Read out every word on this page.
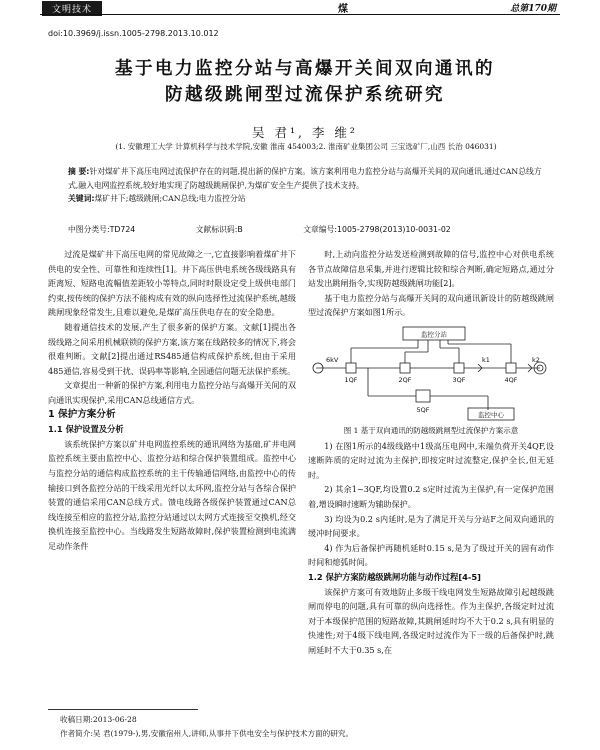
文明技术	煤	总第170期
doi:10.3969/j.issn.1005-2798.2013.10.012
基于电力监控分站与高爆开关间双向通讯的
防越级跳闸型过流保护系统研究
吴 君¹, 李 维²
(1. 安徽理工大学 计算机科学与技术学院,安徽 淮南 454003;2. 淮南矿业集团公司 三宝选矿厂,山西 长治 046031)
摘 要:针对煤矿井下高压电网过流保护存在的问题,提出新的保护方案。该方案利用电力监控分站与高爆开关间的双向通讯,通过CAN总线方式,融入电网监控系统,较好地实现了防越级跳闸保护,为煤矿安全生产提供了技术支持。
关键词:煤矿井下;越级跳闸;CAN总线;电力监控分站
中图分类号:TD724	文献标识码:B	文章编号:1005-2798(2013)10-0031-02

过流是煤矿井下高压电网的常见故障之一,它直接影响着煤矿井下供电的安全性、可靠性和连续性[1]。井下高压供电系统各级线路具有距离短、短路电流幅值差距较小等特点,同时时限设定受上级供电部门约束,按传统的保护方法不能构成有效的纵向选择性过流保护系统,越级跳闸现象经常发生,且难以避免,是煤矿高压供电存在的安全隐患。

随着通信技术的发展,产生了很多新的保护方案。文献[1]提出各级线路之间采用机械联锁的保护方案,该方案在线路较多的情况下,将会很难判断。文献[2]提出通过RS485通信构成保护系统,但由于采用485通信,容易受到干扰、误码率等影响,全因通信问题无法保护系统。

文章提出一种新的保护方案,利用电力监控分站与高爆开关间的双向通讯实现保护,采用CAN总线通信方式。

1 保护方案分析

1.1 保护设置及分析

该系统保护方案以矿井电网监控系统的通讯网络为基础,矿井电网监控系统主要由监控中心、监控分站和综合保护装置组成。监控中心与监控分站的通信构成监控系统的主干传输通信网络,由监控中心的传输接口到各监控分站的干线采用光纤以太环网,监控分站与各综合保护装置的通信采用CAN总线方式。馈电线路各级保护装置通过CAN总线连接至相应的监控分站,监控分站通过以太网方式连接至交换机,经交换机连接至监控中心。当线路发生短路故障时,保护装置检测到电流满足动作条件

时,上动向监控分站发送检测到故障的信号,监控中心对供电系统各节点故障信息采集,并进行逻辑比较和综合判断,确定短路点,通过分站发出跳闸指令,实现防越级跳闸功能[2]。

基于电力监控分站与高爆开关间的双向通讯新设计的防越级跳闸型过流保护方案如图1所示。

监控分站
1QF	2QF	3QF	4QF
5QF
k1	k2
6kV
监控中心

图 1 基于双向通讯的防越级跳闸型过流保护方案示意

1) 在图1所示的4级线路中1级高压电网中,末端负荷开关4QF,设速断阵质的定时过流为主保护,即按定时过流整定,保护全长,但无延时。

2) 其余1~3QF,均设置0.2 s定时过流为主保护,有一定保护范围着,增设瞬时速断为辅助保护。

3) 均设为0.2 s内延时,是为了满足开关与分站F之间双向通讯的缓冲时间要求。

4) 作为后备保护再随机延时0.15 s,是为了级过开关的固有动作时间和熄弧时间。

1.2 保护方案防越级跳闸功能与动作过程[4-5]

该保护方案可有效地防止多级干线电网发生短路故障引起越级跳闸而停电的问题,具有可靠的纵向选择性。作为主保护,各级定时过流对于本级保护范围的短路故障,其跳闸延时均不大于0.2 s,具有明显的快速性;对于4级下线电网,各级定时过流作为下一级的后备保护时,跳闸延时不大于0.35 s,在

收稿日期:2013-06-28
作者简介:吴 君(1979-),男,安徽宿州人,讲师,从事井下供电安全与保护技术方面的研究。
